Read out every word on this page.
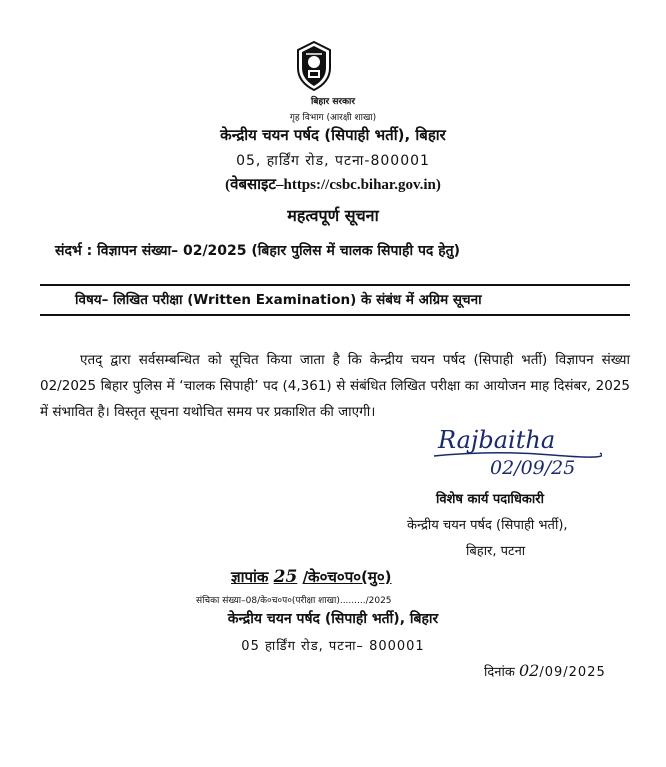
बिहार सरकार
गृह विभाग (आरक्षी शाखा)
केन्द्रीय चयन पर्षद (सिपाही भर्ती), बिहार
05, हार्डिंग रोड, पटना-800001
(वेबसाइट–https://csbc.bihar.gov.in)
महत्वपूर्ण सूचना
संदर्भ : विज्ञापन संख्या– 02/2025 (बिहार पुलिस में चालक सिपाही पद हेतु)
विषय– लिखित परीक्षा (Written Examination) के संबंध में अग्रिम सूचना
एतद् द्वारा सर्वसम्बन्धित को सूचित किया जाता है कि केन्द्रीय चयन पर्षद (सिपाही भर्ती) विज्ञापन संख्या 02/2025 बिहार पुलिस में ‘चालक सिपाही’ पद (4,361) से संबंधित लिखित परीक्षा का आयोजन माह दिसंबर, 2025 में संभावित है। विस्तृत सूचना यथोचित समय पर प्रकाशित की जाएगी।
Rajbaitha
02/09/25
विशेष कार्य पदाधिकारी
केन्द्रीय चयन पर्षद (सिपाही भर्ती),
बिहार, पटना
ज्ञापांक 25 /के०च०प०(मु०)
संचिका संख्या–08/के०च०प०(परीक्षा शाखा)........./2025
केन्द्रीय चयन पर्षद (सिपाही भर्ती), बिहार
05 हार्डिंग रोड, पटना– 800001
दिनांक 02/09/2025
